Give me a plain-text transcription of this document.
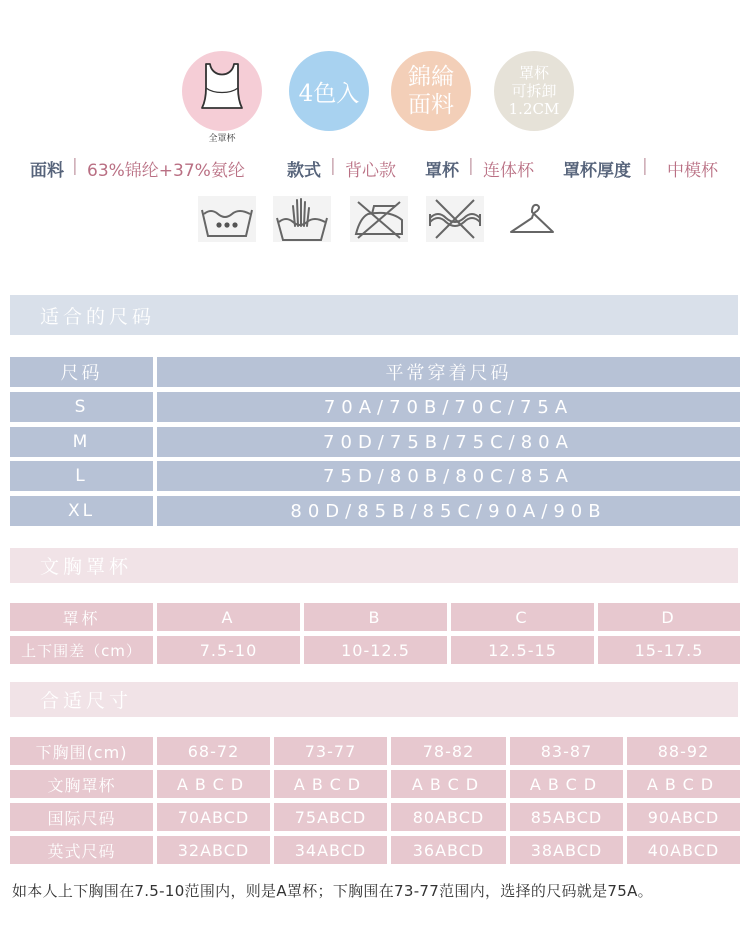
全罩杯
4色入
錦綸
面料
罩杯
可拆卸
1.2CM
面料 | 63%锦纶+37%氨纶 款式 | 背心款 罩杯 | 连体杯 罩杯厚度 | 中模杯
适合的尺码
尺码	平常穿着尺码
S	70A/70B/70C/75A
M	70D/75B/75C/80A
L	75D/80B/80C/85A
XL	80D/85B/85C/90A/90B
文胸罩杯
罩杯	A	B	C	D
上下围差（cm）	7.5-10	10-12.5	12.5-15	15-17.5
合适尺寸
下胸围(cm)	68-72	73-77	78-82	83-87	88-92
文胸罩杯	ABCD	ABCD	ABCD	ABCD	ABCD
国际尺码	70ABCD	75ABCD	80ABCD	85ABCD	90ABCD
英式尺码	32ABCD	34ABCD	36ABCD	38ABCD	40ABCD
如本人上下胸围在7.5-10范围内，则是A罩杯；下胸围在73-77范围内，选择的尺码就是75A。
